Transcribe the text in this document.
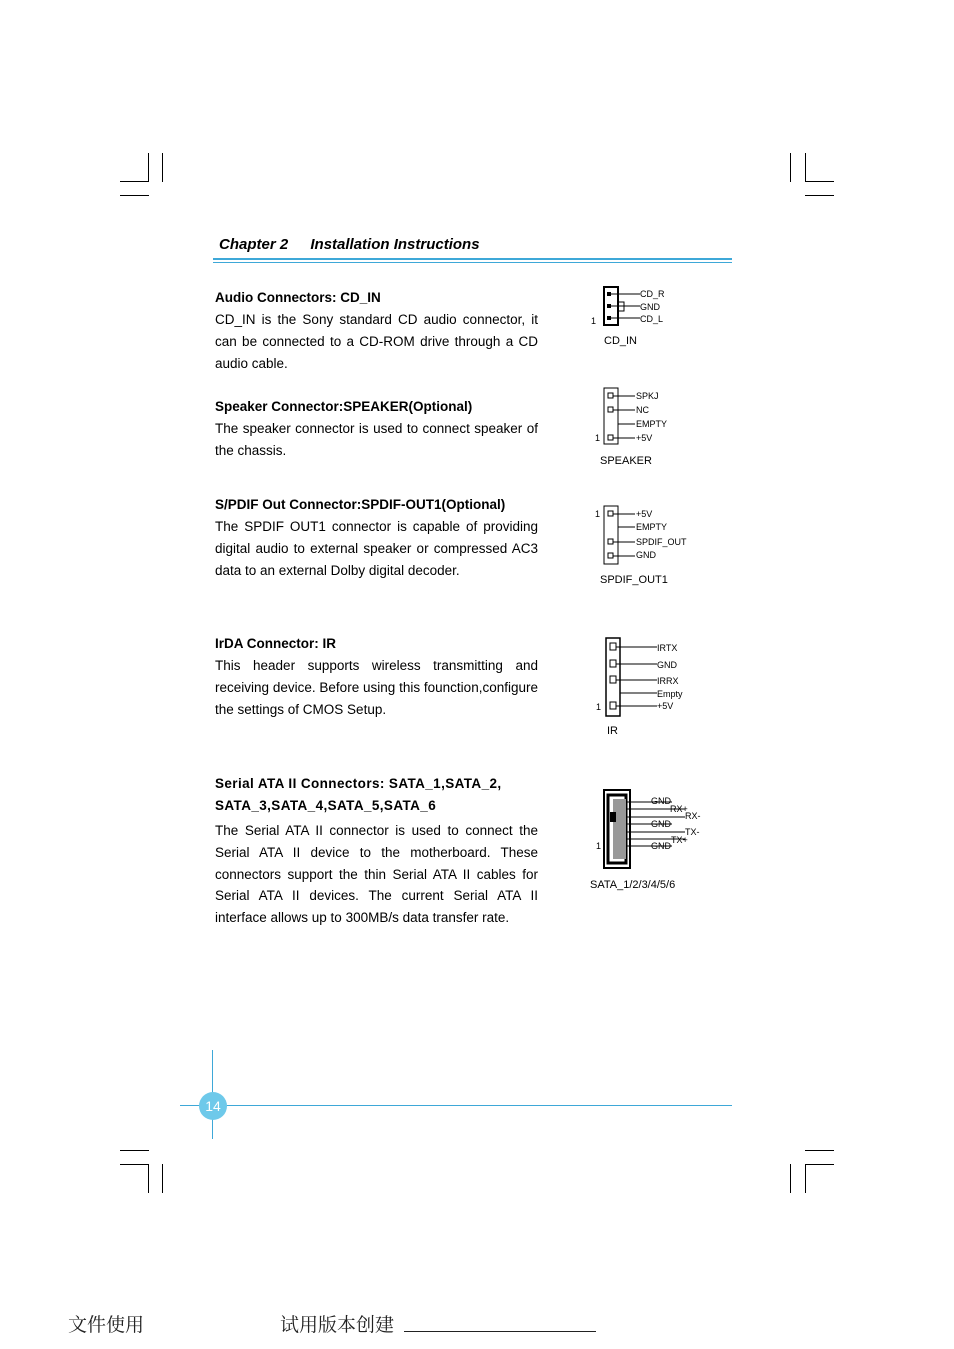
Chapter 2 Installation Instructions
Audio Connectors: CD_IN
CD_IN is the Sony standard CD audio connector, it can be connected to a CD-ROM drive through a CD audio cable.
Speaker Connector:SPEAKER(Optional)
The speaker connector is used to connect speaker of the chassis.
S/PDIF Out Connector:SPDIF-OUT1(Optional)
The SPDIF OUT1 connector is capable of providing digital audio to external speaker or compressed AC3 data to an external Dolby digital decoder.
IrDA Connector: IR
This header supports wireless transmitting and receiving device. Before using this founction,configure the settings of CMOS Setup.
Serial ATA II Connectors: SATA_1,SATA_2, SATA_3,SATA_4,SATA_5,SATA_6
The Serial ATA II connector is used to connect the Serial ATA II device to the motherboard. These connectors support the thin Serial ATA II cables for Serial ATA II devices. The current Serial ATA II interface allows up to 300MB/s data transfer rate.
CD_R
GND
CD_L
1
CD_IN
SPKJ
NC
EMPTY
+5V
1
SPEAKER
+5V
EMPTY
SPDIF_OUT
GND
1
SPDIF_OUT1
IRTX
GND
IRRX
Empty
+5V
1
IR
GND
RX+
RX-
GND
TX-
TX+
GND
1
SATA_1/2/3/4/5/6
14
文件使用	试用版本创建
